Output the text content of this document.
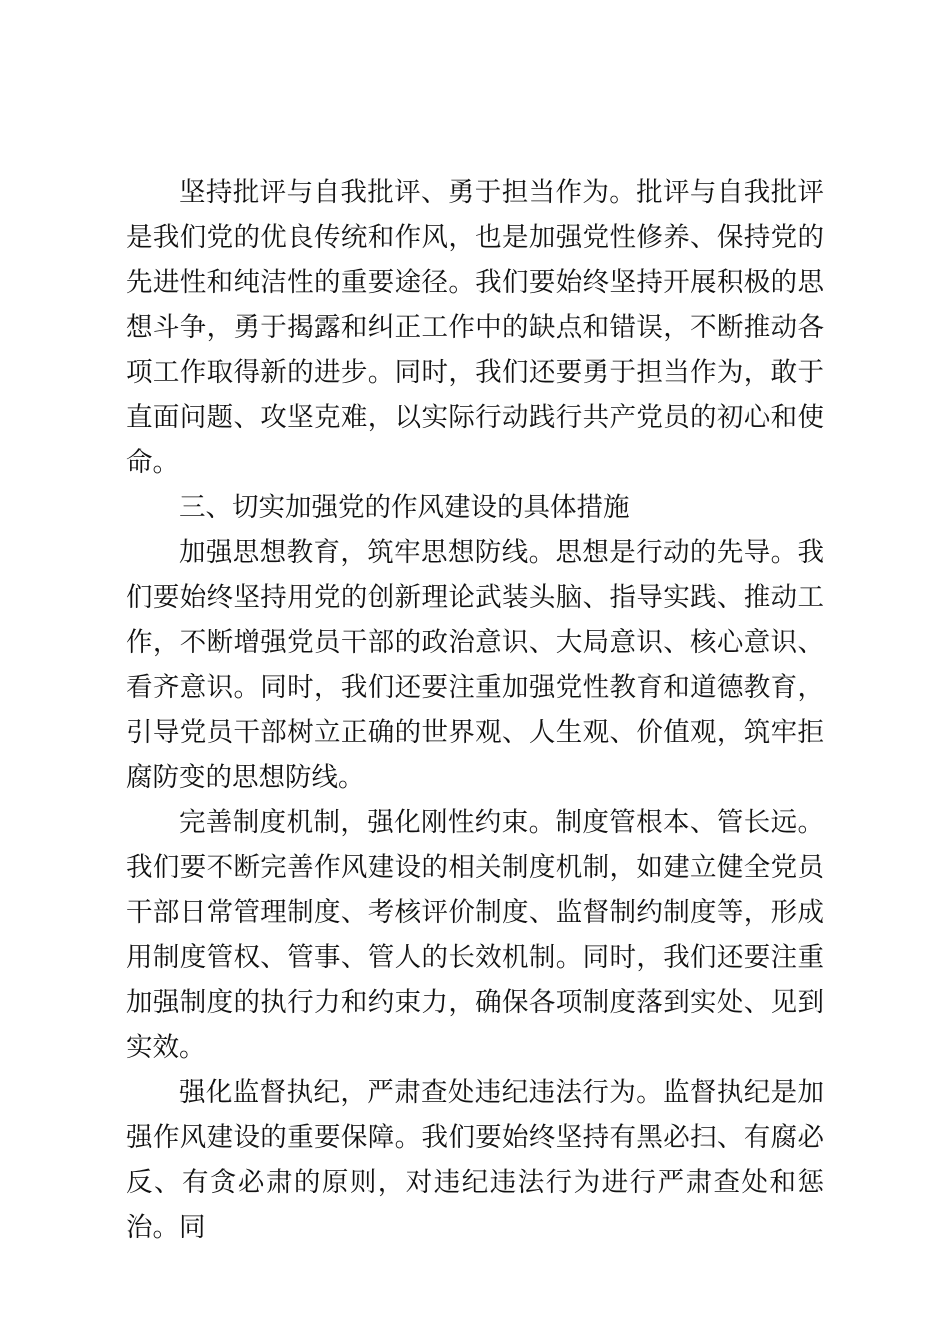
坚持批评与自我批评、勇于担当作为。批评与自我批评是我们党的优良传统和作风，也是加强党性修养、保持党的先进性和纯洁性的重要途径。我们要始终坚持开展积极的思想斗争，勇于揭露和纠正工作中的缺点和错误，不断推动各项工作取得新的进步。同时，我们还要勇于担当作为，敢于直面问题、攻坚克难，以实际行动践行共产党员的初心和使命。

三、切实加强党的作风建设的具体措施

加强思想教育，筑牢思想防线。思想是行动的先导。我们要始终坚持用党的创新理论武装头脑、指导实践、推动工作，不断增强党员干部的政治意识、大局意识、核心意识、看齐意识。同时，我们还要注重加强党性教育和道德教育，引导党员干部树立正确的世界观、人生观、价值观，筑牢拒腐防变的思想防线。

完善制度机制，强化刚性约束。制度管根本、管长远。我们要不断完善作风建设的相关制度机制，如建立健全党员干部日常管理制度、考核评价制度、监督制约制度等，形成用制度管权、管事、管人的长效机制。同时，我们还要注重加强制度的执行力和约束力，确保各项制度落到实处、见到实效。

强化监督执纪，严肃查处违纪违法行为。监督执纪是加强作风建设的重要保障。我们要始终坚持有黑必扫、有腐必反、有贪必肃的原则，对违纪违法行为进行严肃查处和惩治。同
